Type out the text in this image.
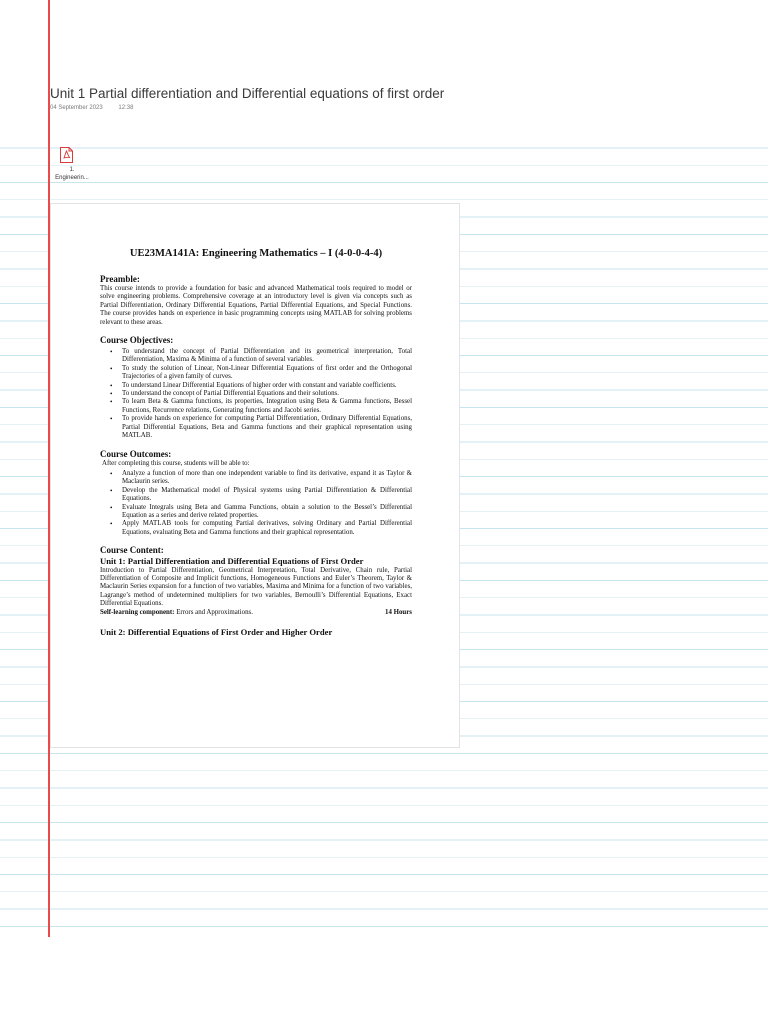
Unit 1 Partial differentiation and Differential equations of first order
04 September 2023	12:38
1.
Engineerin...
UE23MA141A: Engineering Mathematics – I (4-0-0-4-4)
Preamble:
This course intends to provide a foundation for basic and advanced Mathematical tools required to model or solve engineering problems. Comprehensive coverage at an introductory level is given via concepts such as Partial Differentiation, Ordinary Differential Equations, Partial Differential Equations, and Special Functions. The course provides hands on experience in basic programming concepts using MATLAB for solving problems relevant to these areas.
Course Objectives:
• To understand the concept of Partial Differentiation and its geometrical interpretation, Total Differentiation, Maxima & Minima of a function of several variables.
• To study the solution of Linear, Non-Linear Differential Equations of first order and the Orthogonal Trajectories of a given family of curves.
• To understand Linear Differential Equations of higher order with constant and variable coefficients.
• To understand the concept of Partial Differential Equations and their solutions.
• To learn Beta & Gamma functions, its properties, Integration using Beta & Gamma functions, Bessel Functions, Recurrence relations, Generating functions and Jacobi series.
• To provide hands on experience for computing Partial Differentiation, Ordinary Differential Equations, Partial Differential Equations, Beta and Gamma functions and their graphical representation using MATLAB.
Course Outcomes:
After completing this course, students will be able to:
• Analyze a function of more than one independent variable to find its derivative, expand it as Taylor & Maclaurin series.
• Develop the Mathematical model of Physical systems using Partial Differentiation & Differential Equations.
• Evaluate Integrals using Beta and Gamma Functions, obtain a solution to the Bessel’s Differential Equation as a series and derive related properties.
• Apply MATLAB tools for computing Partial derivatives, solving Ordinary and Partial Differential Equations, evaluating Beta and Gamma functions and their graphical representation.
Course Content:
Unit 1: Partial Differentiation and Differential Equations of First Order
Introduction to Partial Differentiation, Geometrical Interpretation, Total Derivative, Chain rule, Partial Differentiation of Composite and Implicit functions, Homogeneous Functions and Euler’s Theorem, Taylor & Maclaurin Series expansion for a function of two variables, Maxima and Minima for a function of two variables, Lagrange’s method of undetermined multipliers for two variables, Bernoulli’s Differential Equations, Exact Differential Equations.
Self-learning component: Errors and Approximations.	14 Hours
Unit 2: Differential Equations of First Order and Higher Order
